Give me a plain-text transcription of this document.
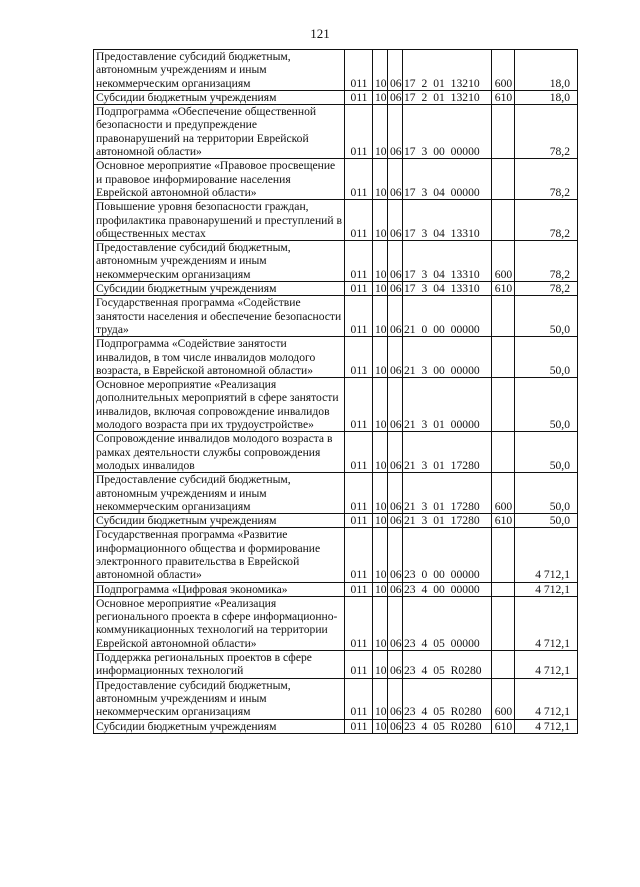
121
Предоставление субсидий бюджетным, автономным учреждениям и иным некоммерческим организациям	011	10	06	17 2 01 13210	600	18,0
Субсидии бюджетным учреждениям	011	10	06	17 2 01 13210	610	18,0
Подпрограмма «Обеспечение общественной безопасности и предупреждение правонарушений на территории Еврейской автономной области»	011	10	06	17 3 00 00000		78,2
Основное мероприятие «Правовое просвещение и правовое информирование населения Еврейской автономной области»	011	10	06	17 3 04 00000		78,2
Повышение уровня безопасности граждан, профилактика правонарушений и преступлений в общественных местах	011	10	06	17 3 04 13310		78,2
Предоставление субсидий бюджетным, автономным учреждениям и иным некоммерческим организациям	011	10	06	17 3 04 13310	600	78,2
Субсидии бюджетным учреждениям	011	10	06	17 3 04 13310	610	78,2
Государственная программа «Содействие занятости населения и обеспечение безопасности труда»	011	10	06	21 0 00 00000		50,0
Подпрограмма «Содействие занятости инвалидов, в том числе инвалидов молодого возраста, в Еврейской автономной области»	011	10	06	21 3 00 00000		50,0
Основное мероприятие «Реализация дополнительных мероприятий в сфере занятости инвалидов, включая сопровождение инвалидов молодого возраста при их трудоустройстве»	011	10	06	21 3 01 00000		50,0
Сопровождение инвалидов молодого возраста в рамках деятельности службы сопровождения молодых инвалидов	011	10	06	21 3 01 17280		50,0
Предоставление субсидий бюджетным, автономным учреждениям и иным некоммерческим организациям	011	10	06	21 3 01 17280	600	50,0
Субсидии бюджетным учреждениям	011	10	06	21 3 01 17280	610	50,0
Государственная программа «Развитие информационного общества и формирование электронного правительства в Еврейской автономной области»	011	10	06	23 0 00 00000		4 712,1
Подпрограмма «Цифровая экономика»	011	10	06	23 4 00 00000		4 712,1
Основное мероприятие «Реализация регионального проекта в сфере информационно-коммуникационных технологий на территории Еврейской автономной области»	011	10	06	23 4 05 00000		4 712,1
Поддержка региональных проектов в сфере информационных технологий	011	10	06	23 4 05 R0280		4 712,1
Предоставление субсидий бюджетным, автономным учреждениям и иным некоммерческим организациям	011	10	06	23 4 05 R0280	600	4 712,1
Субсидии бюджетным учреждениям	011	10	06	23 4 05 R0280	610	4 712,1
